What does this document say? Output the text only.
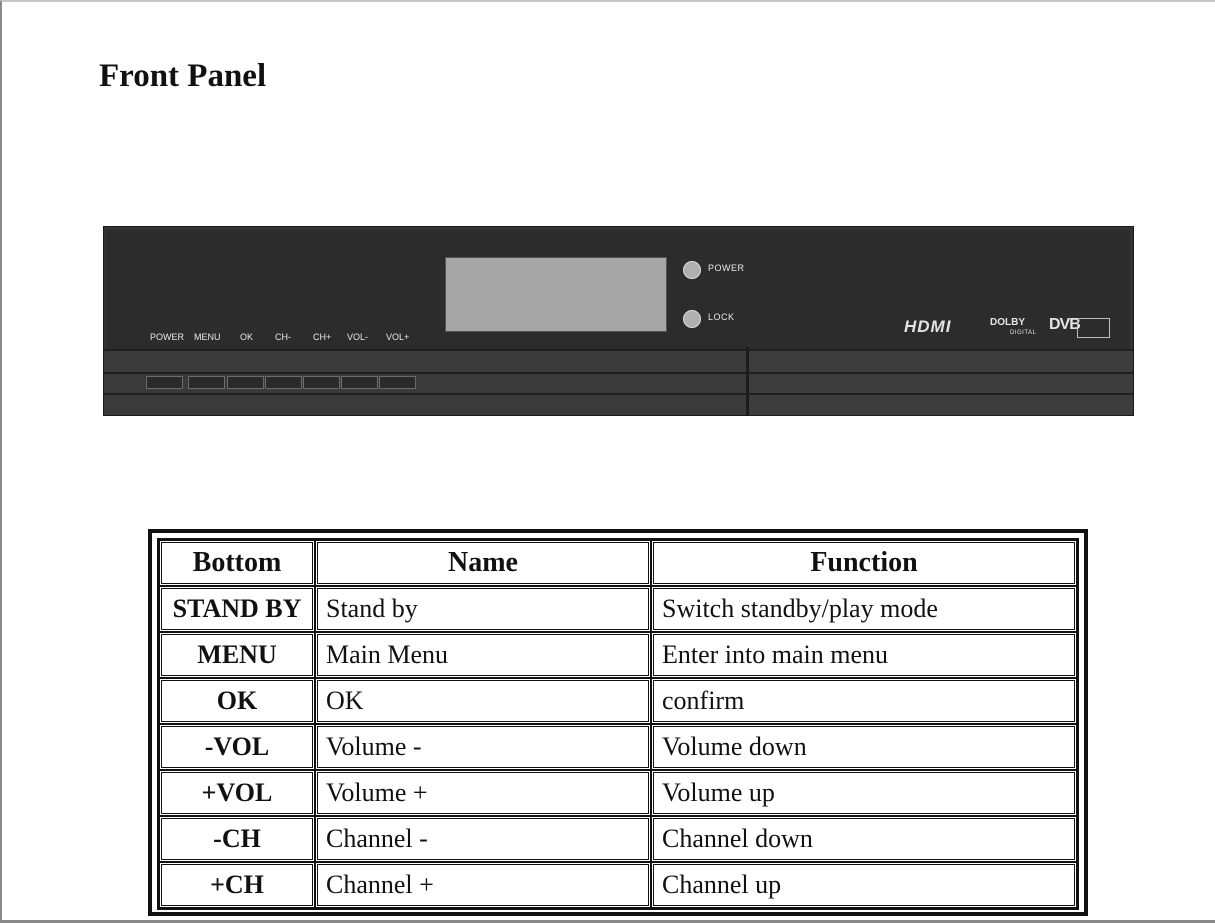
Front Panel
POWER
LOCK
POWER MENU OK CH- CH+ VOL- VOL+
HDMI	DOLBY
DIGITAL DVB
Bottom	Name	Function
STAND BY	Stand by	Switch standby/play mode
MENU	Main Menu	Enter into main menu
OK	OK	confirm
-VOL	Volume -	Volume down
+VOL	Volume +	Volume up
-CH	Channel -	Channel down
+CH	Channel +	Channel up
